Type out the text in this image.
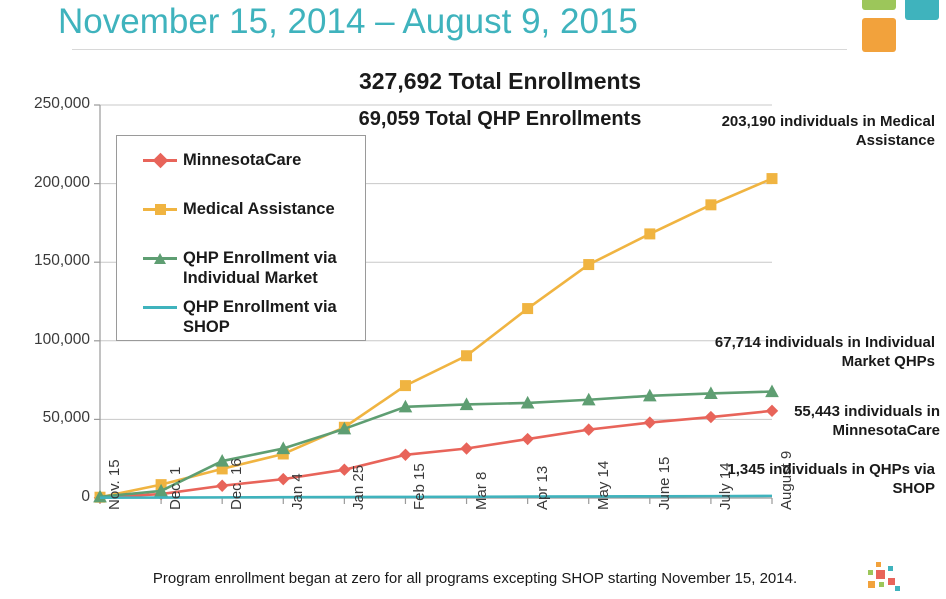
November 15, 2014 – August 9, 2015
327,692 Total Enrollments
69,059 Total QHP Enrollments
0
50,000
100,000
150,000
200,000
250,000
Nov. 15	Dec. 1	Dec. 16	Jan 4	Jan 25	Feb 15	Mar 8	Apr 13	May 14	June 15	July 14	August 9
MinnesotaCare
Medical Assistance
QHP Enrollment via Individual Market
QHP Enrollment via SHOP
203,190 individuals in Medical Assistance
67,714 individuals in Individual Market QHPs
55,443 individuals in MinnesotaCare
1,345 individuals in QHPs via SHOP
Program enrollment began at zero for all programs excepting SHOP starting November 15, 2014.
